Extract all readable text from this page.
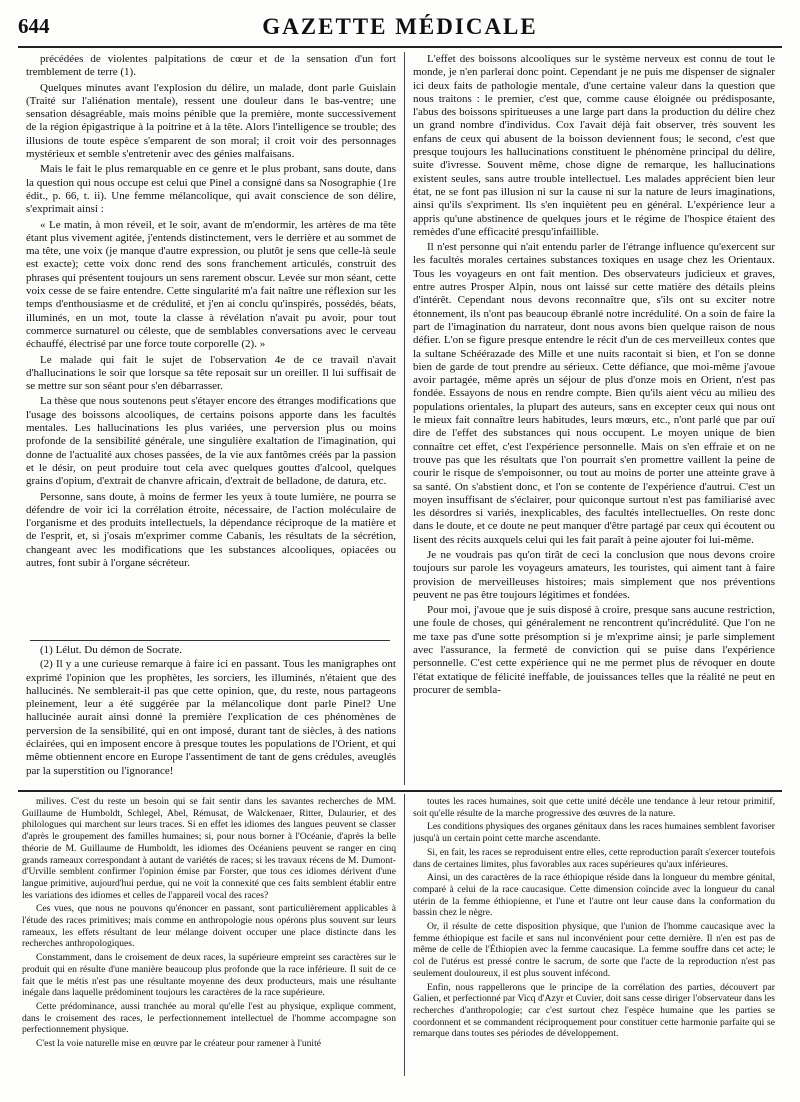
644	GAZETTE MÉDICALE

précédées de violentes palpitations de cœur et de la sensation d'un fort tremblement de terre (1).

Quelques minutes avant l'explosion du délire, un malade, dont parle Guislain (Traité sur l'aliénation mentale), ressent une douleur dans le bas-ventre; une sensation désagréable, mais moins pénible que la première, monte successivement de la région épigastrique à la poitrine et à la tête. Alors l'intelligence se trouble; des illusions de toute espèce s'emparent de son moral; il croit voir des personnages mystérieux et semble s'entretenir avec des génies malfaisans.

Mais le fait le plus remarquable en ce genre et le plus probant, sans doute, dans la question qui nous occupe est celui que Pinel a consigné dans sa Nosographie (1re édit., p. 66, t. ii). Une femme mélancolique, qui avait conscience de son délire, s'exprimait ainsi :

« Le matin, à mon réveil, et le soir, avant de m'endormir, les artères de ma tête étant plus vivement agitée, j'entends distinctement, vers le derrière et au sommet de ma tête, une voix (je manque d'autre expression, ou plutôt je sens que celle-là seule est exacte); cette voix donc rend des sons franchement articulés, construit des phrases qui présentent toujours un sens rarement obscur. Levée sur mon séant, cette voix cesse de se faire entendre. Cette singularité m'a fait naître une réflexion sur les temps d'enthousiasme et de crédulité, et j'en ai conclu qu'inspirés, possédés, béats, illuminés, en un mot, toute la classe à révélation n'avait pu avoir, pour tout commerce surnaturel ou céleste, que de semblables conversations avec le cerveau échauffé, électrisé par une force toute corporelle (2). »

Le malade qui fait le sujet de l'observation 4e de ce travail n'avait d'hallucinations le soir que lorsque sa tête reposait sur un oreiller. Il lui suffisait de se mettre sur son séant pour s'en débarrasser.

La thèse que nous soutenons peut s'étayer encore des étranges modifications que l'usage des boissons alcooliques, de certains poisons apporte dans les facultés mentales. Les hallucinations les plus variées, une perversion plus ou moins profonde de la sensibilité générale, une singulière exaltation de l'imagination, qui donne de l'actualité aux choses passées, de la vie aux fantômes créés par la passion et le désir, on peut produire tout cela avec quelques gouttes d'alcool, quelques grains d'opium, d'extrait de chanvre africain, d'extrait de belladone, de datura, etc.

Personne, sans doute, à moins de fermer les yeux à toute lumière, ne pourra se défendre de voir ici la corrélation étroite, nécessaire, de l'action moléculaire de l'organisme et des produits intellectuels, la dépendance réciproque de la matière et de l'esprit, et, si j'osais m'exprimer comme Cabanis, les résultats de la sécrétion, changeant avec les modifications que les substances alcooliques, opiacées ou autres, font subir à l'organe sécréteur.

(1) Lélut. Du démon de Socrate.

(2) Il y a une curieuse remarque à faire ici en passant. Tous les manigraphes ont exprimé l'opinion que les prophètes, les sorciers, les illuminés, n'étaient que des hallucinés. Ne semblerait-il pas que cette opinion, que, du reste, nous partageons pleinement, leur a été suggérée par la mélancolique dont parle Pinel? Une hallucinée aurait ainsi donné la première l'explication de ces phénomènes de perversion de la sensibilité, qui en ont imposé, durant tant de siècles, à des nations éclairées, qui en imposent encore à presque toutes les populations de l'Orient, et qui même obtiennent encore en Europe l'assentiment de tant de gens crédules, aveuglés par la superstition ou l'ignorance!

L'effet des boissons alcooliques sur le système nerveux est connu de tout le monde, je n'en parlerai donc point. Cependant je ne puis me dispenser de signaler ici deux faits de pathologie mentale, d'une certaine valeur dans la question que nous traitons : le premier, c'est que, comme cause éloignée ou prédisposante, l'abus des boissons spiritueuses a une large part dans la production du délire chez un grand nombre d'individus. Cox l'avait déjà fait observer, très souvent les enfans de ceux qui abusent de la boisson deviennent fous; le second, c'est que presque toujours les hallucinations constituent le phénomène principal du délire, suite d'ivresse. Souvent même, chose digne de remarque, les hallucinations existent seules, sans autre trouble intellectuel. Les malades apprécient bien leur état, ne se font pas illusion ni sur la cause ni sur la nature de leurs imaginations, ainsi qu'ils s'expriment. Ils s'en inquiètent peu en général. L'expérience leur a appris qu'une abstinence de quelques jours et le régime de l'hospice étaient des remèdes d'une efficacité presqu'infaillible.

Il n'est personne qui n'ait entendu parler de l'étrange influence qu'exercent sur les facultés morales certaines substances toxiques en usage chez les Orientaux. Tous les voyageurs en ont fait mention. Des observateurs judicieux et graves, entre autres Prosper Alpin, nous ont laissé sur cette matière des détails pleins d'intérêt. Cependant nous devons reconnaître que, s'ils ont su exciter notre étonnement, ils n'ont pas beaucoup ébranlé notre incrédulité. On a soin de faire la part de l'imagination du narrateur, dont nous avons bien quelque raison de nous défier. L'on se figure presque entendre le récit d'un de ces merveilleux contes que la sultane Schéérazade des Mille et une nuits racontait si bien, et l'on se donne bien de garde de tout prendre au sérieux. Cette défiance, que moi-même j'avoue avoir partagée, même après un séjour de plus d'onze mois en Orient, n'est pas fondée. Essayons de nous en rendre compte. Bien qu'ils aient vécu au milieu des populations orientales, la plupart des auteurs, sans en excepter ceux qui nous ont le mieux fait connaître leurs habitudes, leurs mœurs, etc., n'ont parlé que par ouï dire de l'effet des substances qui nous occupent. Le moyen unique de bien connaître cet effet, c'est l'expérience personnelle. Mais on s'en effraie et on ne trouve pas que les résultats que l'on pourrait s'en promettre vaillent la peine de courir le risque de s'empoisonner, ou tout au moins de porter une atteinte grave à sa santé. On s'abstient donc, et l'on se contente de l'expérience d'autrui. C'est un moyen insuffisant de s'éclairer, pour quiconque surtout n'est pas familiarisé avec les désordres si variés, inexplicables, des facultés intellectuelles. On reste donc dans le doute, et ce doute ne peut manquer d'être partagé par ceux qui écoutent ou lisent des récits auxquels celui qui les fait paraît à peine ajouter foi lui-même.

Je ne voudrais pas qu'on tirât de ceci la conclusion que nous devons croire toujours sur parole les voyageurs amateurs, les touristes, qui aiment tant à faire provision de merveilleuses histoires; mais simplement que nos préventions peuvent ne pas être toujours légitimes et fondées.

Pour moi, j'avoue que je suis disposé à croire, presque sans aucune restriction, une foule de choses, qui généralement ne rencontrent qu'incrédulité. Que l'on ne me taxe pas d'une sotte présomption si je m'exprime ainsi; je parle simplement avec l'assurance, la fermeté de conviction qui se puise dans l'expérience personnelle. C'est cette expérience qui ne me permet plus de révoquer en doute l'état extatique de félicité ineffable, de jouissances telles que la réalité ne peut en procurer de sembla-

milives. C'est du reste un besoin qui se fait sentir dans les savantes recherches de MM. Guillaume de Humboldt, Schlegel, Abel, Rémusat, de Walckenaer, Ritter, Dulaurier, et des philologues qui marchent sur leurs traces. Si en effet les idiomes des langues peuvent se classer d'après le groupement des familles humaines; si, pour nous borner à l'Océanie, d'après la belle théorie de M. Guillaume de Humboldt, les idiomes des Océaniens peuvent se ranger en cinq grands rameaux correspondant à autant de variétés de races; si les travaux récens de M. Dumont-d'Urville semblent confirmer l'opinion émise par Forster, que tous ces idiomes dérivent d'une langue primitive, aujourd'hui perdue, qui ne voit la connexité que ces faits semblent établir entre les variations des idiomes et celles de l'appareil vocal des races?

Ces vues, que nous ne pouvons qu'énoncer en passant, sont particulièrement applicables à l'étude des races primitives; mais comme en anthropologie nous opérons plus souvent sur leurs rameaux, les effets résultant de leur mélange doivent occuper une place distincte dans les recherches anthropologiques.

Constamment, dans le croisement de deux races, la supérieure empreint ses caractères sur le produit qui en résulte d'une manière beaucoup plus profonde que la race inférieure. Il suit de ce fait que le métis n'est pas une résultante moyenne des deux producteurs, mais une résultante inégale dans laquelle prédominent toujours les caractères de la race supérieure.

Cette prédominance, aussi tranchée au moral qu'elle l'est au physique, explique comment, dans le croisement des races, le perfectionnement intellectuel de l'homme accompagne son perfectionnement physique.

C'est la voie naturelle mise en œuvre par le créateur pour ramener à l'unité

toutes les races humaines, soit que cette unité décèle une tendance à leur retour primitif, soit qu'elle résulte de la marche progressive des œuvres de la nature.

Les conditions physiques des organes génitaux dans les races humaines semblent favoriser jusqu'à un certain point cette marche ascendante.

Si, en fait, les races se reproduisent entre elles, cette reproduction paraît s'exercer toutefois dans de certaines limites, plus favorables aux races supérieures qu'aux inférieures.

Ainsi, un des caractères de la race éthiopique réside dans la longueur du membre génital, comparé à celui de la race caucasique. Cette dimension coïncide avec la longueur du canal utérin de la femme éthiopienne, et l'une et l'autre ont leur cause dans la conformation du bassin chez le nègre.

Or, il résulte de cette disposition physique, que l'union de l'homme caucasique avec la femme éthiopique est facile et sans nul inconvénient pour cette dernière. Il n'en est pas de même de celle de l'Éthiopien avec la femme caucasique. La femme souffre dans cet acte; le col de l'utérus est pressé contre le sacrum, de sorte que l'acte de la reproduction n'est pas seulement douloureux, il est plus souvent infécond.

Enfin, nous rappellerons que le principe de la corrélation des parties, découvert par Galien, et perfectionné par Vicq d'Azyr et Cuvier, doit sans cesse diriger l'observateur dans les recherches d'anthropologie; car c'est surtout chez l'espèce humaine que les parties se coordonnent et se commandent réciproquement pour constituer cette harmonie parfaite qui se remarque dans toutes ses périodes de développement.
